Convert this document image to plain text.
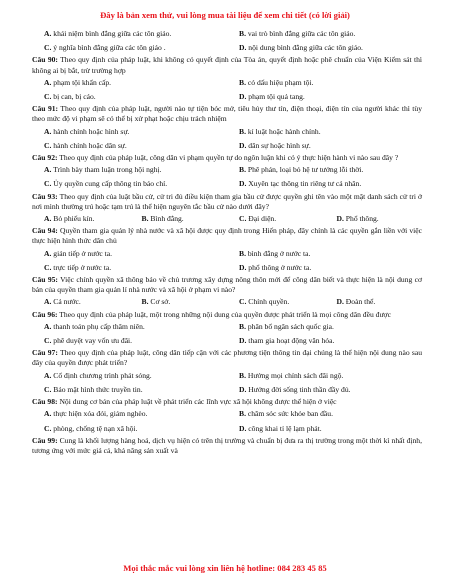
Đây là bản xem thử, vui lòng mua tài liệu để xem chi tiết (có lời giải)
A. khái niệm bình đẳng giữa các tôn giáo.	B. vai trò bình đẳng giữa các tôn giáo.
C. ý nghĩa bình đẳng giữa các tôn giáo .	D. nội dung bình đẳng giữa các tôn giáo.

Câu 90: Theo quy định của pháp luật, khi không có quyết định của Tòa án, quyết định hoặc phê chuẩn của Viện Kiểm sát thì không ai bị bắt, trừ trường hợp

A. phạm tội khẩn cấp.	B. có dấu hiệu phạm tội.
C. bị can, bị cáo.	D. phạm tội quả tang.

Câu 91: Theo quy định của pháp luật, người nào tự tiện bóc mở, tiêu hủy thư tín, điện thoại, điện tín của người khác thì tùy theo mức độ vi phạm sẽ có thể bị xử phạt hoặc chịu trách nhiệm

A. hành chính hoặc hình sự.	B. kỉ luật hoặc hành chính.
C. hành chính hoặc dân sự.	D. dân sự hoặc hình sự.

Câu 92: Theo quy định của pháp luật, công dân vi phạm quyền tự do ngôn luận khi có ý thực hiện hành vi nào sau đây ?

A. Trình bày tham luận trong hội nghị.	B. Phê phán, loại bỏ hệ tư tưởng lỗi thời.
C. Ủy quyền cung cấp thông tin báo chí.	D. Xuyên tạc thông tin riêng tư cá nhân.

Câu 93: Theo quy định của luật bầu cử, cử tri đủ điều kiện tham gia bầu cử được quyền ghi tên vào một mặt danh sách cử tri ở nơi mình thường trú hoặc tạm trú là thể hiện nguyên tắc bầu cử nào dưới đây?

A. Bỏ phiếu kín.	B. Bình đẳng.	C. Đại diện.	D. Phổ thông.

Câu 94: Quyền tham gia quản lý nhà nước và xã hội được quy định trong Hiến pháp, đây chính là các quyền gắn liền với việc thực hiện hình thức dân chủ

A. gián tiếp ở nước ta.	B. bình đẳng ở nước ta.
C. trực tiếp ở nước ta.	D. phổ thông ở nước ta.

Câu 95: Việc chính quyền xã thông báo về chủ trương xây dựng nông thôn mới để công dân biết và thực hiện là nội dung cơ bản của quyền tham gia quản lí nhà nước và xã hội ở phạm vi nào?

A. Cả nước.	B. Cơ sở.	C. Chính quyền.	D. Đoàn thể.

Câu 96: Theo quy định của pháp luật, một trong những nội dung của quyền được phát triển là mọi công dân đều được

A. thanh toán phụ cấp thâm niên.	B. phân bổ ngân sách quốc gia.
C. phê duyệt vay vốn ưu đãi.	D. tham gia hoạt động văn hóa.

Câu 97: Theo quy định của pháp luật, công dân tiếp cận với các phương tiện thông tin đại chúng là thể hiện nội dung nào sau đây của quyền được phát triển?

A. Cổ định chương trình phát sóng.	B. Hưởng mọi chính sách đãi ngộ.
C. Bảo mật hình thức truyền tin.	D. Hưởng đời sống tinh thần đầy đủ.

Câu 98: Nội dung cơ bản của pháp luật về phát triển các lĩnh vực xã hội không được thể hiện ở việc

A. thực hiện xóa đói, giảm nghèo.	B. chăm sóc sức khỏe ban đầu.
C. phòng, chống tệ nạn xã hội.	D. công khai tỉ lệ lạm phát.

Câu 99: Cung là khối lượng hàng hoá, dịch vụ hiện có trên thị trường và chuẩn bị đưa ra thị trường trong một thời kì nhất định, tương ứng với mức giá cả, khả năng sản xuất và

Mọi thắc mắc vui lòng xin liên hệ hotline: 084 283 45 85
